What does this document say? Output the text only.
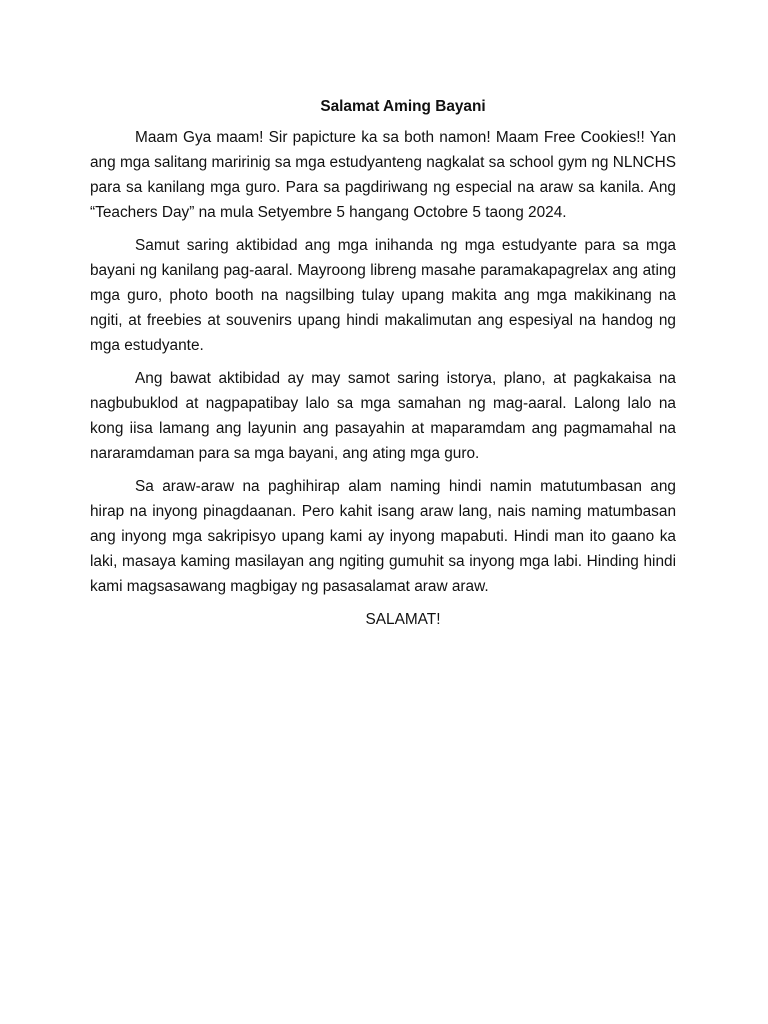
Salamat Aming Bayani

Maam Gya maam! Sir papicture ka sa both namon! Maam Free Cookies!! Yan ang mga salitang maririnig sa mga estudyanteng nagkalat sa school gym ng NLNCHS para sa kanilang mga guro. Para sa pagdiriwang ng especial na araw sa kanila. Ang “Teachers Day” na mula Setyembre 5 hangang Octobre 5 taong 2024.

Samut saring aktibidad ang mga inihanda ng mga estudyante para sa mga bayani ng kanilang pag-aaral. Mayroong libreng masahe paramakapagrelax ang ating mga guro, photo booth na nagsilbing tulay upang makita ang mga makikinang na ngiti, at freebies at souvenirs upang hindi makalimutan ang espesiyal na handog ng mga estudyante.

Ang bawat aktibidad ay may samot saring istorya, plano, at pagkakaisa na nagbubuklod at nagpapatibay lalo sa mga samahan ng mag-aaral. Lalong lalo na kong iisa lamang ang layunin ang pasayahin at maparamdam ang pagmamahal na nararamdaman para sa mga bayani, ang ating mga guro.

Sa araw-araw na paghihirap alam naming hindi namin matutumbasan ang hirap na inyong pinagdaanan. Pero kahit isang araw lang, nais naming matumbasan ang inyong mga sakripisyo upang kami ay inyong mapabuti. Hindi man ito gaano ka laki, masaya kaming masilayan ang ngiting gumuhit sa inyong mga labi. Hinding hindi kami magsasawang magbigay ng pasasalamat araw araw.

SALAMAT!
